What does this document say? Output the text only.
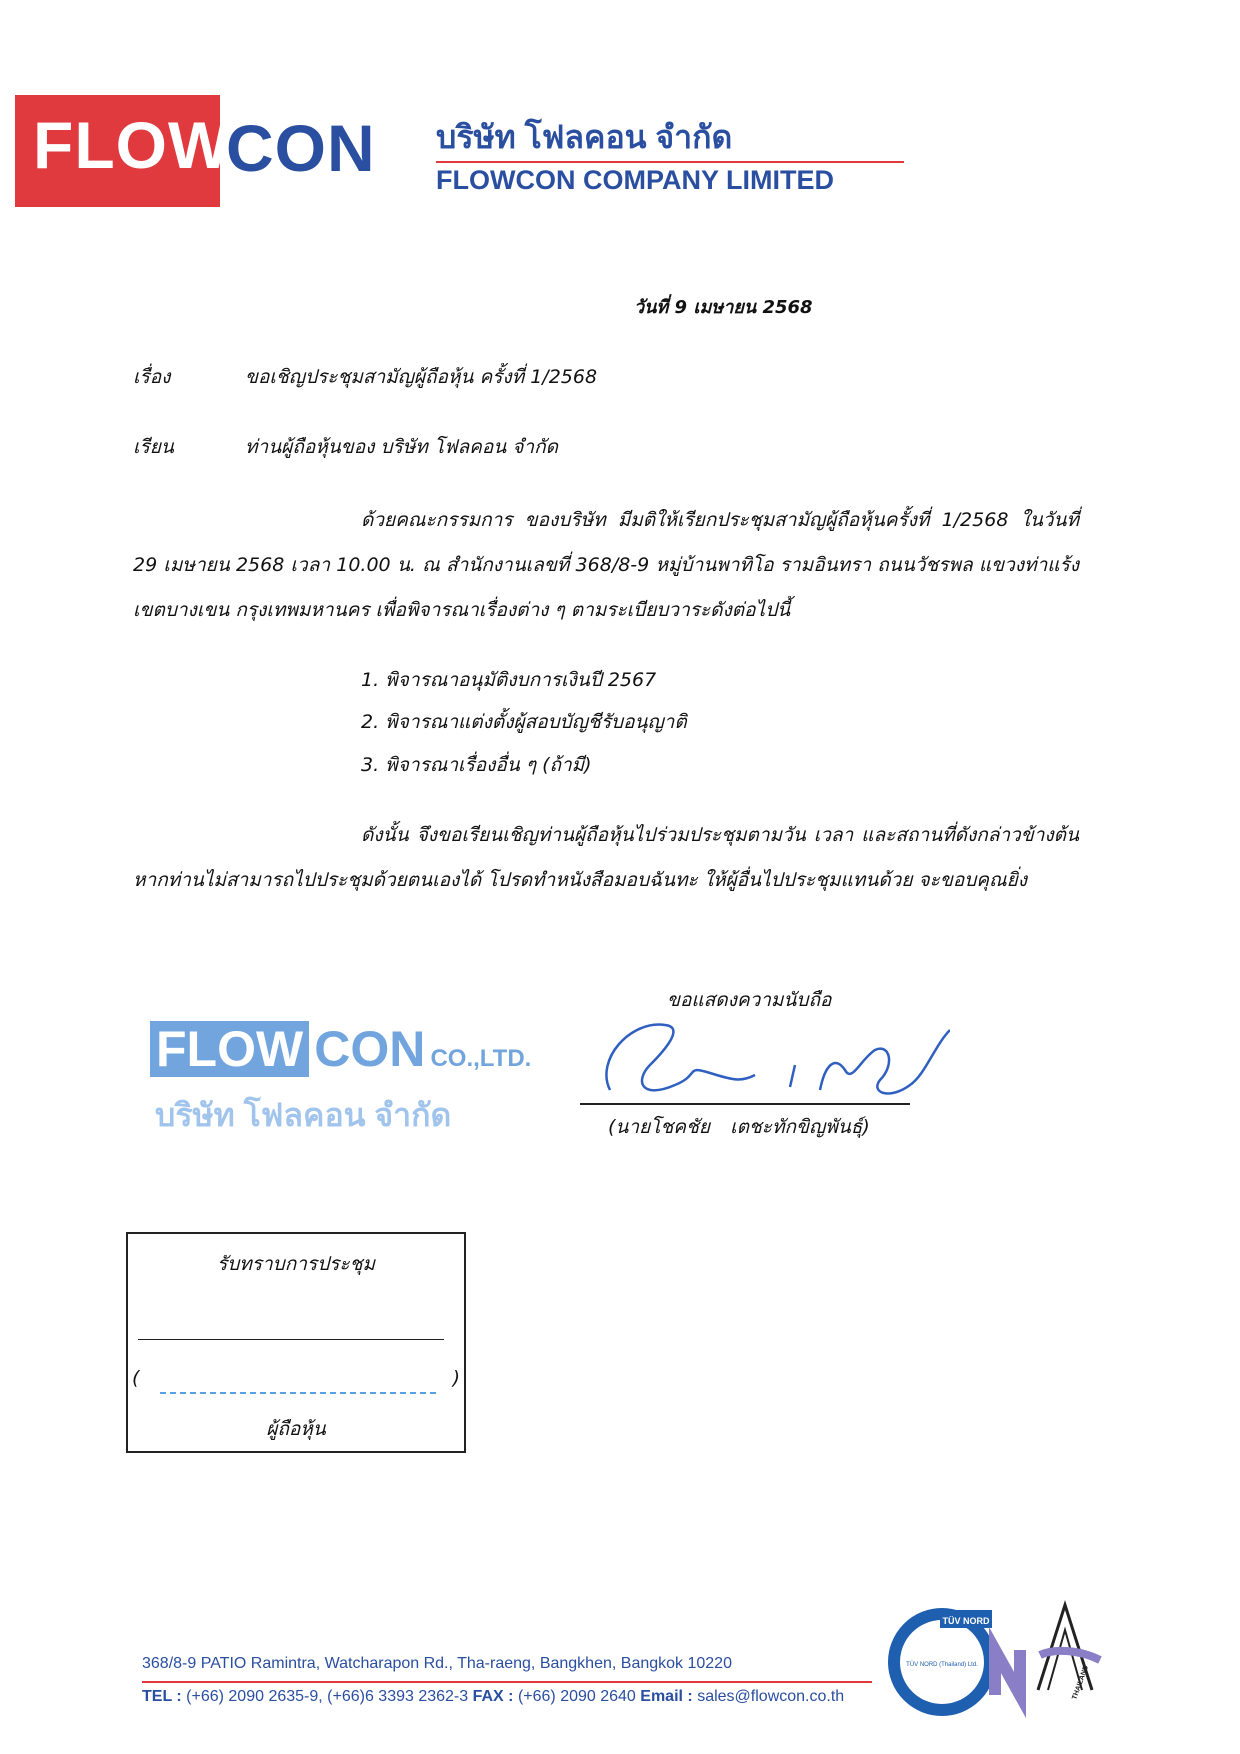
FLOW
CON บริษัท โฟลคอน จำกัด
FLOWCON COMPANY LIMITED
วันที่ 9 เมษายน 2568
เรื่อง	ขอเชิญประชุมสามัญผู้ถือหุ้น ครั้งที่ 1/2568
เรียน	ท่านผู้ถือหุ้นของ บริษัท โฟลคอน จำกัด
ด้วยคณะกรรมการ ของบริษัท มีมติให้เรียกประชุมสามัญผู้ถือหุ้นครั้งที่ 1/2568 ในวันที่
29 เมษายน 2568 เวลา 10.00 น. ณ สำนักงานเลขที่ 368/8-9 หมู่บ้านพาทิโอ รามอินทรา ถนนวัชรพล แขวงท่าแร้ง
เขตบางเขน กรุงเทพมหานคร เพื่อพิจารณาเรื่องต่าง ๆ ตามระเบียบวาระดังต่อไปนี้
1. พิจารณาอนุมัติงบการเงินปี 2567
2. พิจารณาแต่งตั้งผู้สอบบัญชีรับอนุญาติ
3. พิจารณาเรื่องอื่น ๆ (ถ้ามี)
ดังนั้น จึงขอเรียนเชิญท่านผู้ถือหุ้นไปร่วมประชุมตามวัน เวลา และสถานที่ดังกล่าวข้างต้น
หากท่านไม่สามารถไปประชุมด้วยตนเองได้ โปรดทำหนังสือมอบฉันทะ ให้ผู้อื่นไปประชุมแทนด้วย จะขอบคุณยิ่ง
ขอแสดงความนับถือ
FLOW CON CO.,LTD.
บริษัท โฟลคอน จำกัด	(นายโชคชัย เตชะทักขิญพันธุ์)
รับทราบการประชุม
(	)
ผู้ถือหุ้น
368/8-9 PATIO Ramintra, Watcharapon Rd., Tha-raeng, Bangkhen, Bangkok 10220
TEL : (+66) 2090 2635-9, (+66)6 3393 2362-3 FAX : (+66) 2090 2640 Email : sales@flowcon.co.th
TÜV NORD
TÜV NORD (Thailand) Ltd.
ISO 9001	THAILAND
